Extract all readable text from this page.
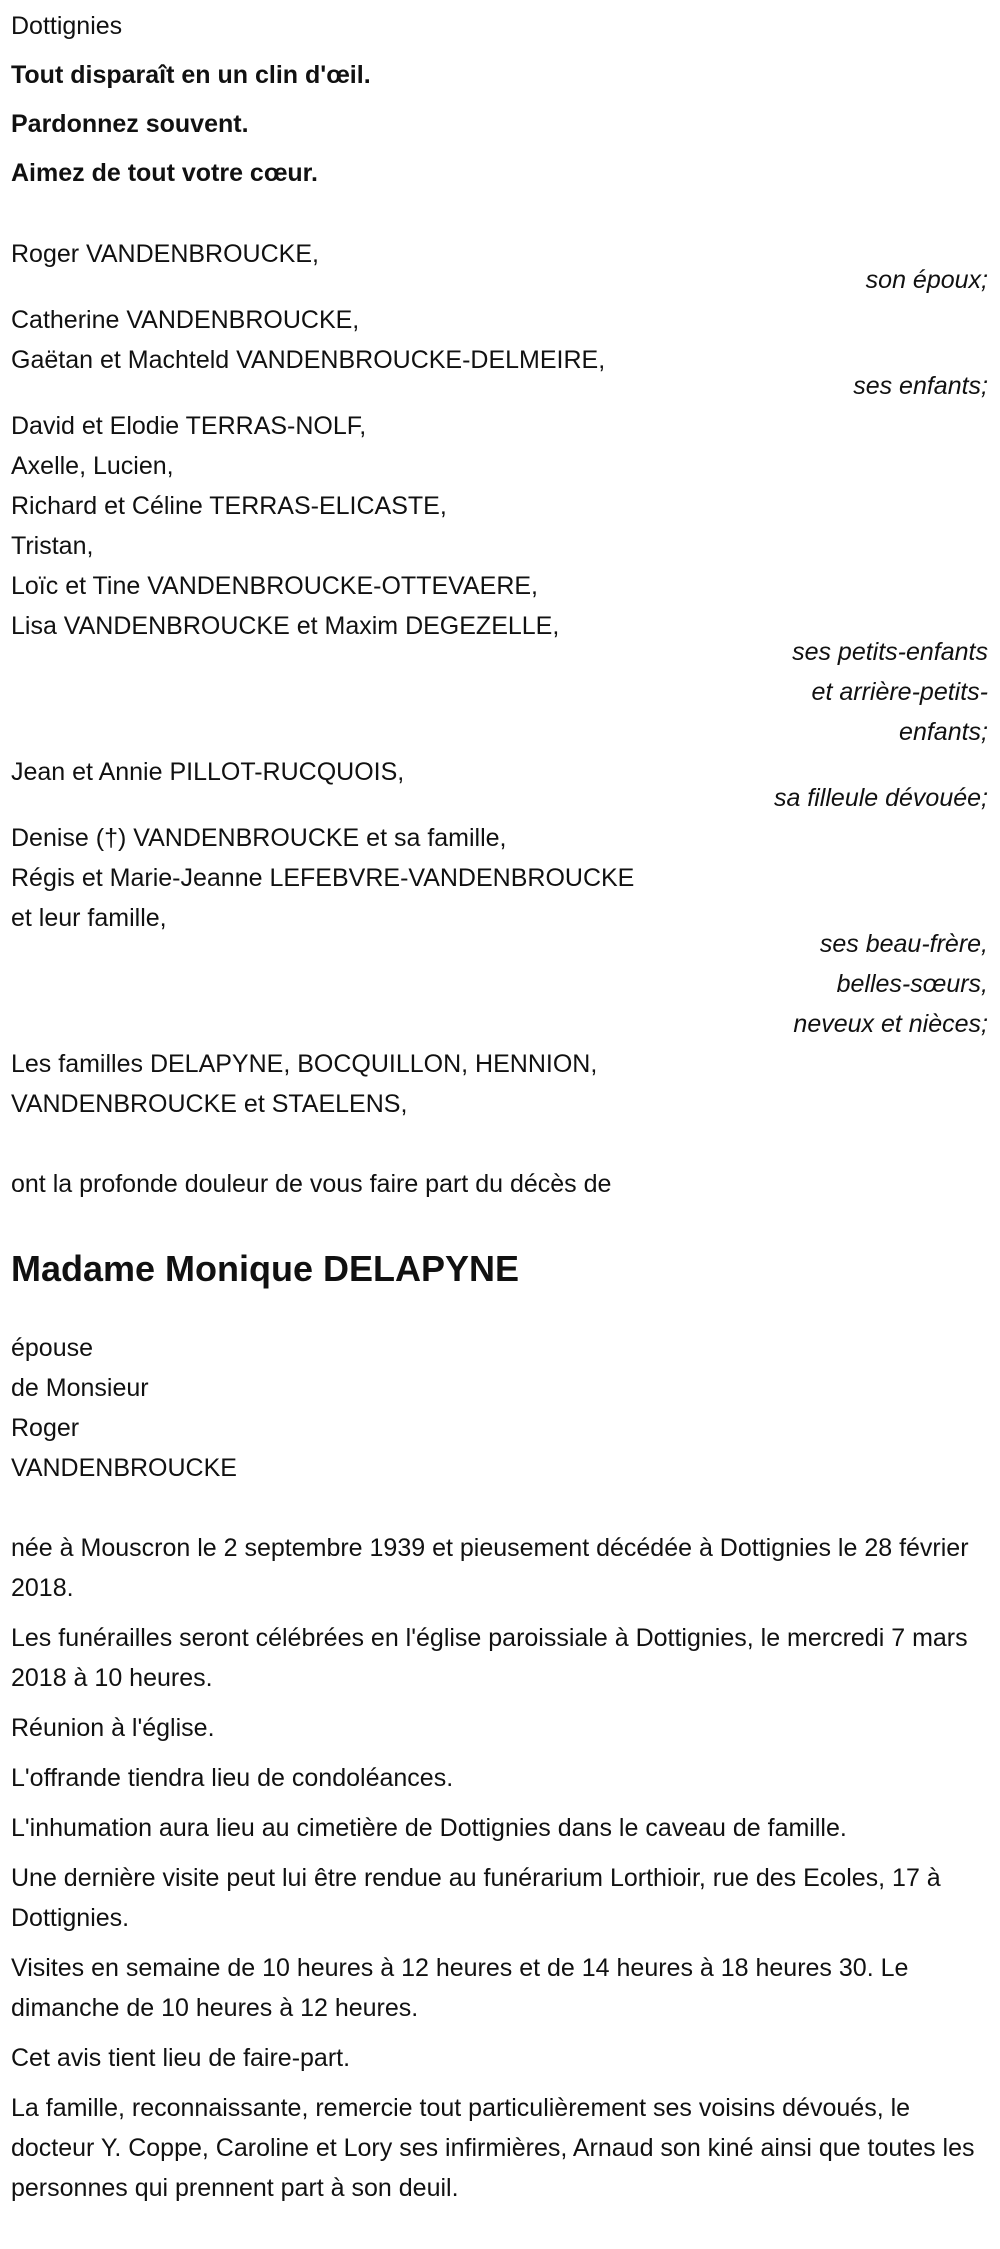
Dottignies
Tout disparaît en un clin d'œil.
Pardonnez souvent.
Aimez de tout votre cœur.
Roger VANDENBROUCKE,
son époux;
Catherine VANDENBROUCKE,
Gaëtan et Machteld VANDENBROUCKE-DELMEIRE,
ses enfants;
David et Elodie TERRAS-NOLF,
Axelle, Lucien,
Richard et Céline TERRAS-ELICASTE,
Tristan,
Loïc et Tine VANDENBROUCKE-OTTEVAERE,
Lisa VANDENBROUCKE et Maxim DEGEZELLE,
ses petits-enfants
et arrière-petits-
enfants;
Jean et Annie PILLOT-RUCQUOIS,
sa filleule dévouée;
Denise (†) VANDENBROUCKE et sa famille,
Régis et Marie-Jeanne LEFEBVRE-VANDENBROUCKE
et leur famille,
ses beau-frère,
belles-sœurs,
neveux et nièces;
Les familles DELAPYNE, BOCQUILLON, HENNION,
VANDENBROUCKE et STAELENS,
ont la profonde douleur de vous faire part du décès de
Madame Monique DELAPYNE
épouse
de Monsieur
Roger
VANDENBROUCKE
née à Mouscron le 2 septembre 1939 et pieusement décédée à Dottignies le 28 février 2018.
Les funérailles seront célébrées en l'église paroissiale à Dottignies, le mercredi 7 mars 2018 à 10 heures.
Réunion à l'église.
L'offrande tiendra lieu de condoléances.
L'inhumation aura lieu au cimetière de Dottignies dans le caveau de famille.
Une dernière visite peut lui être rendue au funérarium Lorthioir, rue des Ecoles, 17 à Dottignies.
Visites en semaine de 10 heures à 12 heures et de 14 heures à 18 heures 30. Le dimanche de 10 heures à 12 heures.
Cet avis tient lieu de faire-part.
La famille, reconnaissante, remercie tout particulièrement ses voisins dévoués, le docteur Y. Coppe, Caroline et Lory ses infirmières, Arnaud son kiné ainsi que toutes les personnes qui prennent part à son deuil.
